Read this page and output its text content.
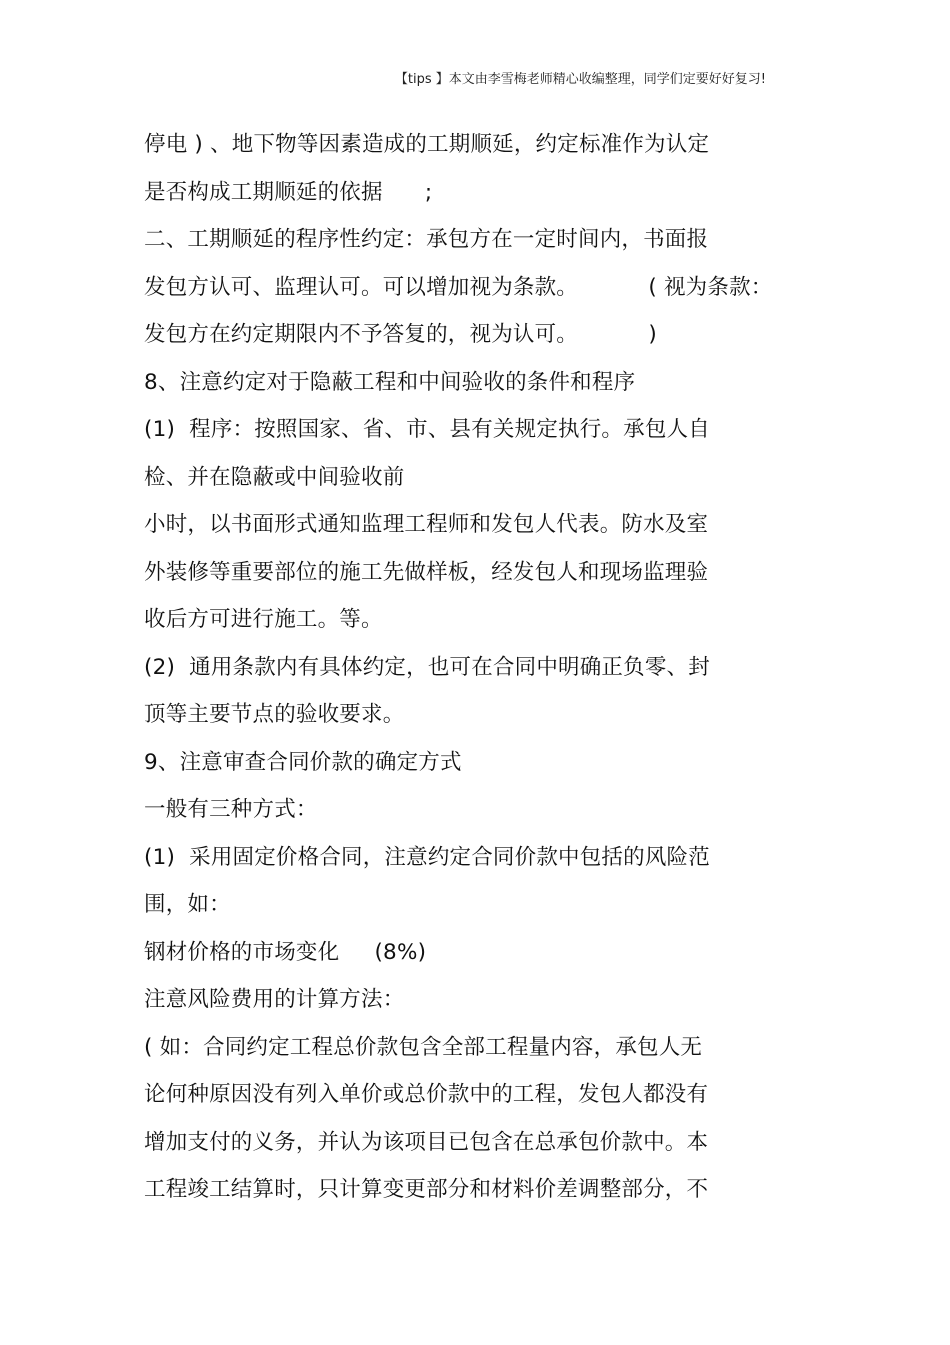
【tips 】本文由李雪梅老师精心收编整理，同学们定要好好复习!
停电 ) 、地下物等因素造成的工期顺延，约定标准作为认定
是否构成工期顺延的依据      ;
二、工期顺延的程序性约定：承包方在一定时间内，书面报
发包方认可、监理认可。可以增加视为条款。          ( 视为条款：
发包方在约定期限内不予答复的，视为认可。          )
8、注意约定对于隐蔽工程和中间验收的条件和程序
(1)  程序：按照国家、省、市、县有关规定执行。承包人自
检、并在隐蔽或中间验收前
小时，以书面形式通知监理工程师和发包人代表。防水及室
外装修等重要部位的施工先做样板，经发包人和现场监理验
收后方可进行施工。等。
(2)  通用条款内有具体约定，也可在合同中明确正负零、封
顶等主要节点的验收要求。
9、注意审查合同价款的确定方式
一般有三种方式：
(1)  采用固定价格合同，注意约定合同价款中包括的风险范
围，如：
钢材价格的市场变化     (8%)
注意风险费用的计算方法：
( 如：合同约定工程总价款包含全部工程量内容，承包人无
论何种原因没有列入单价或总价款中的工程，发包人都没有
增加支付的义务，并认为该项目已包含在总承包价款中。本
工程竣工结算时，只计算变更部分和材料价差调整部分，不
